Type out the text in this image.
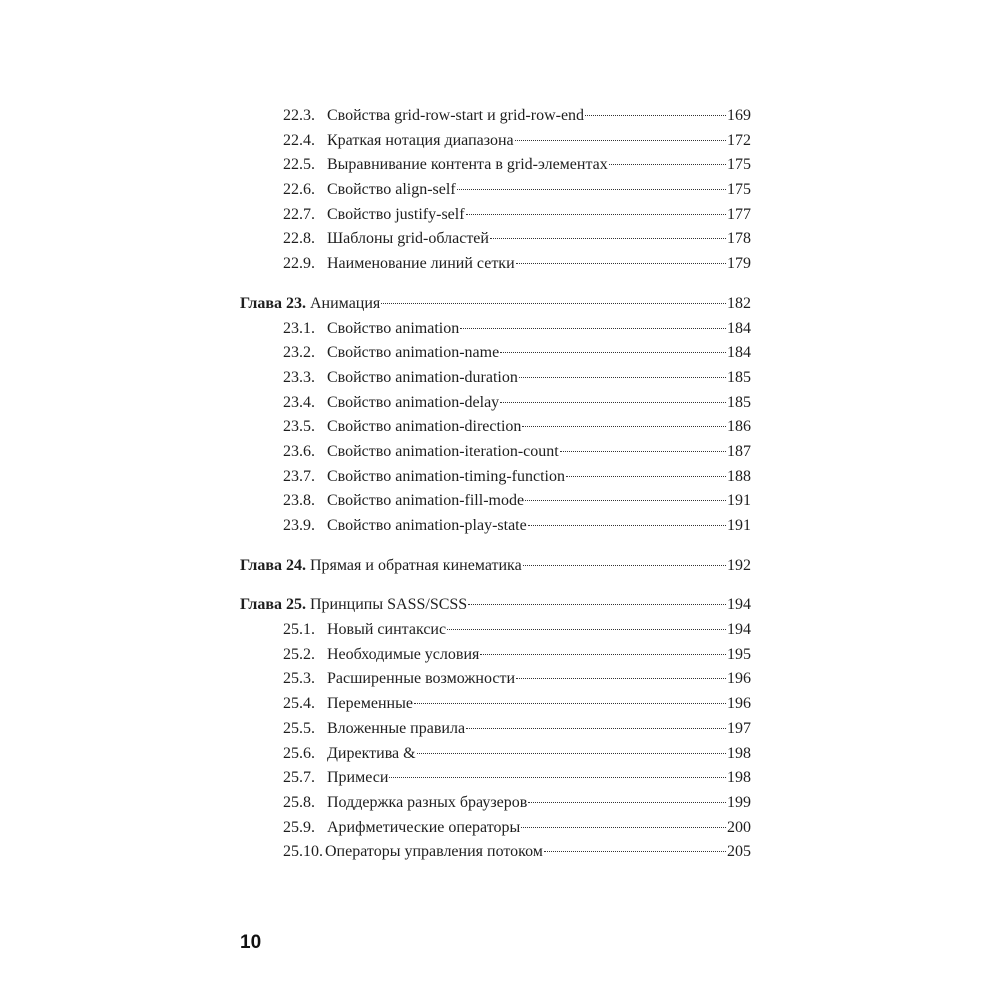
22.3. Свойства grid-row-start и grid-row-end	169
22.4. Краткая нотация диапазона	172
22.5. Выравнивание контента в grid-элементах	175
22.6. Свойство align-self	175
22.7. Свойство justify-self	177
22.8. Шаблоны grid-областей	178
22.9. Наименование линий сетки	179
Глава 23. Анимация	182
23.1. Свойство animation	184
23.2. Свойство animation-name	184
23.3. Свойство animation-duration	185
23.4. Свойство animation-delay	185
23.5. Свойство animation-direction	186
23.6. Свойство animation-iteration-count	187
23.7. Свойство animation-timing-function	188
23.8. Свойство animation-fill-mode	191
23.9. Свойство animation-play-state	191
Глава 24. Прямая и обратная кинематика	192
Глава 25. Принципы SASS/SCSS	194
25.1. Новый синтаксис	194
25.2. Необходимые условия	195
25.3. Расширенные возможности	196
25.4. Переменные	196
25.5. Вложенные правила	197
25.6. Директива &	198
25.7. Примеси	198
25.8. Поддержка разных браузеров	199
25.9. Арифметические операторы	200
25.10. Операторы управления потоком	205
10
